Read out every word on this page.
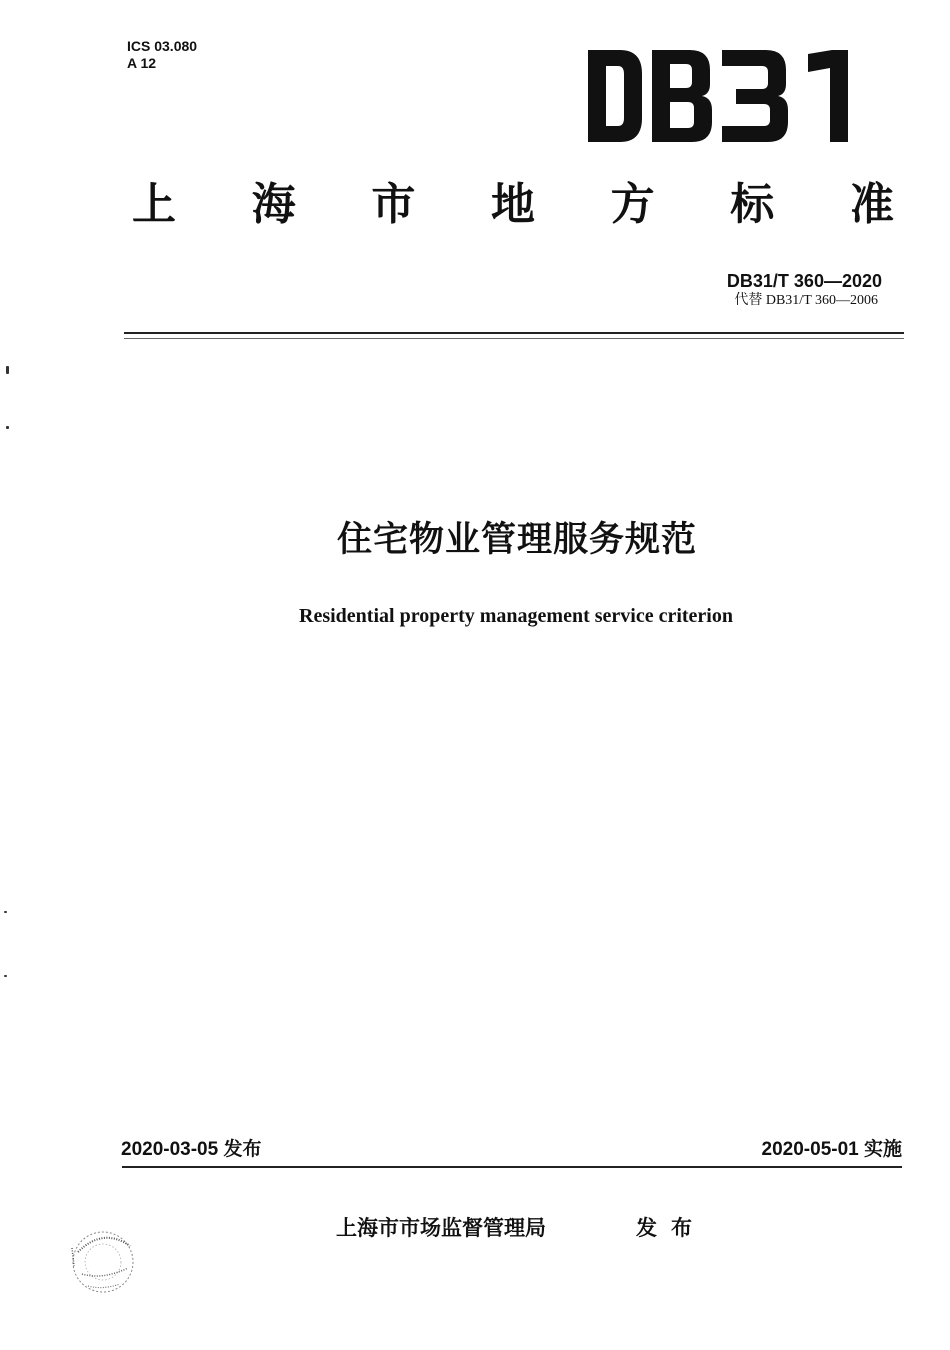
ICS 03.080
A 12
上 海 市 地 方 标 准
DB31/T 360—2020
代替 DB31/T 360—2006
住宅物业管理服务规范
Residential property management service criterion
2020-03-05 发布	2020-05-01 实施
上海市市场监督管理局	发布
